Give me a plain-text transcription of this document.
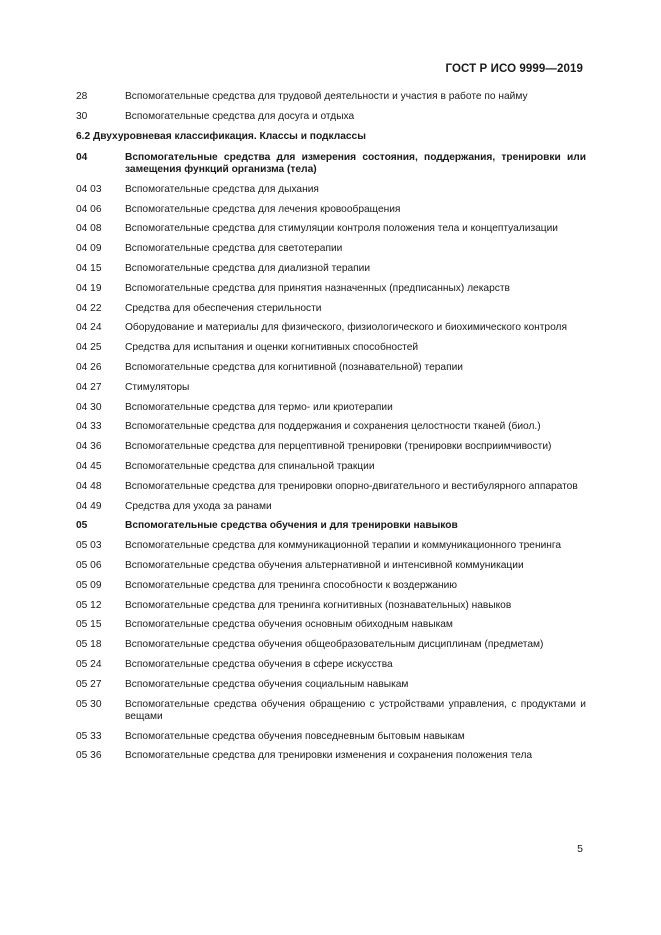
ГОСТ Р ИСО 9999—2019
28	Вспомогательные средства для трудовой деятельности и участия в работе по найму
30	Вспомогательные средства для досуга и отдыха
6.2 Двухуровневая классификация. Классы и подклассы
04	Вспомогательные средства для измерения состояния, поддержания, тренировки или замещения функций организма (тела)
04 03	Вспомогательные средства для дыхания
04 06	Вспомогательные средства для лечения кровообращения
04 08	Вспомогательные средства для стимуляции контроля положения тела и концептуализации
04 09	Вспомогательные средства для светотерапии
04 15	Вспомогательные средства для диализной терапии
04 19	Вспомогательные средства для принятия назначенных (предписанных) лекарств
04 22	Средства для обеспечения стерильности
04 24	Оборудование и материалы для физического, физиологического и биохимического контроля
04 25	Средства для испытания и оценки когнитивных способностей
04 26	Вспомогательные средства для когнитивной (познавательной) терапии
04 27	Стимуляторы
04 30	Вспомогательные средства для термо- или криотерапии
04 33	Вспомогательные средства для поддержания и сохранения целостности тканей (биол.)
04 36	Вспомогательные средства для перцептивной тренировки (тренировки восприимчивости)
04 45	Вспомогательные средства для спинальной тракции
04 48	Вспомогательные средства для тренировки опорно-двигательного и вестибулярного аппаратов
04 49	Средства для ухода за ранами
05	Вспомогательные средства обучения и для тренировки навыков
05 03	Вспомогательные средства для коммуникационной терапии и коммуникационного тренинга
05 06	Вспомогательные средства обучения альтернативной и интенсивной коммуникации
05 09	Вспомогательные средства для тренинга способности к воздержанию
05 12	Вспомогательные средства для тренинга когнитивных (познавательных) навыков
05 15	Вспомогательные средства обучения основным обиходным навыкам
05 18	Вспомогательные средства обучения общеобразовательным дисциплинам (предметам)
05 24	Вспомогательные средства обучения в сфере искусства
05 27	Вспомогательные средства обучения социальным навыкам
05 30	Вспомогательные средства обучения обращению с устройствами управления, с продуктами и вещами
05 33	Вспомогательные средства обучения повседневным бытовым навыкам
05 36	Вспомогательные средства для тренировки изменения и сохранения положения тела
5
